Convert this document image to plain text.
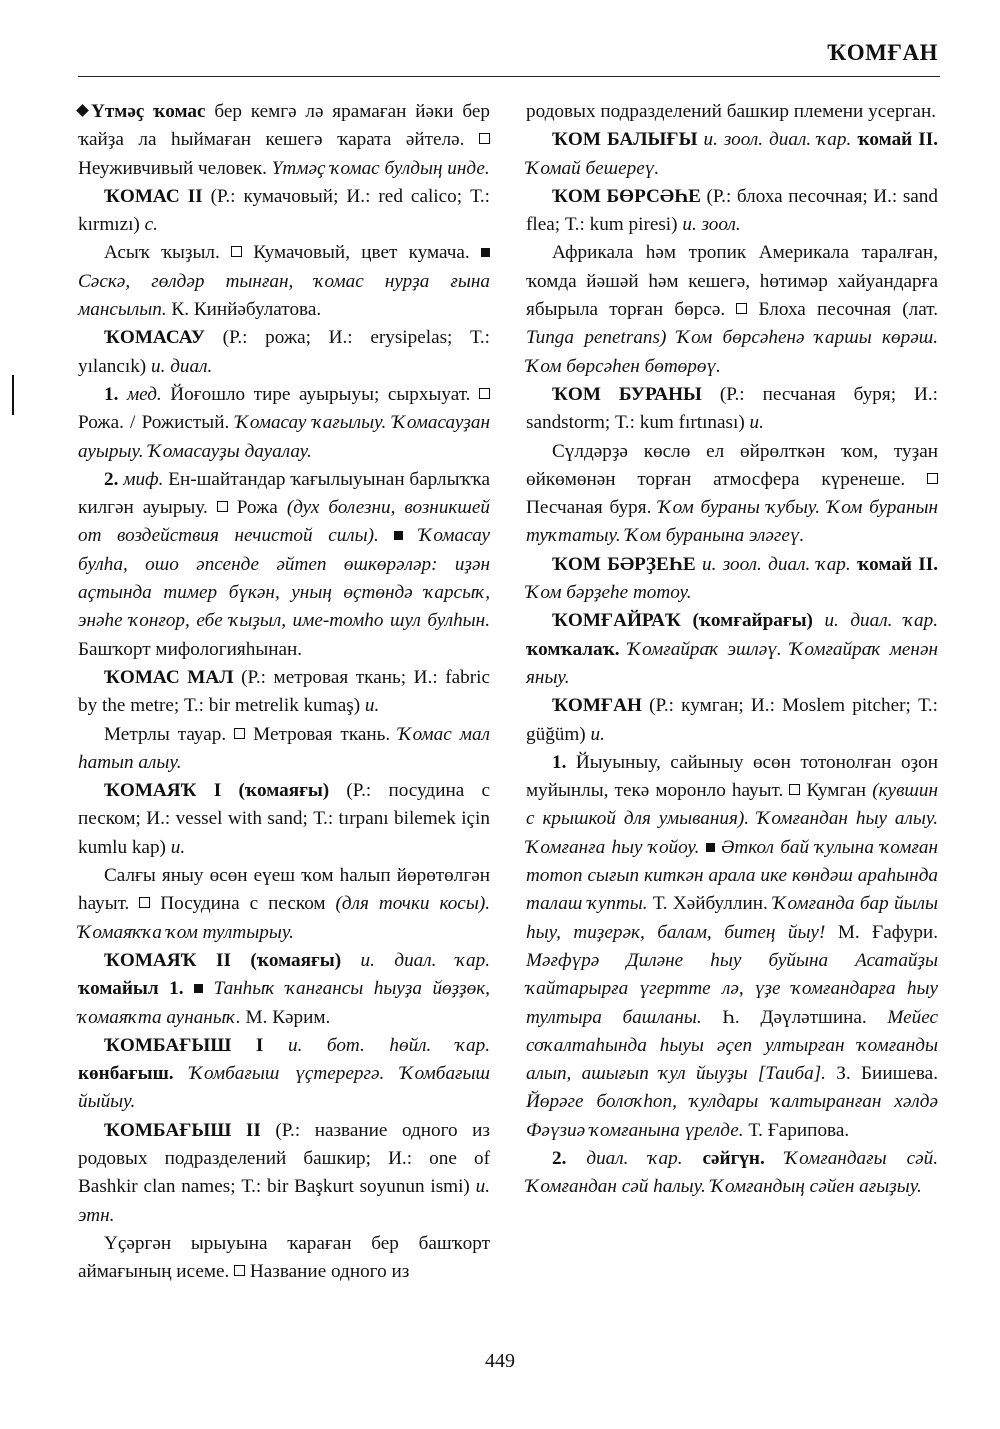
ҠОМҒАН

Үтмәҫ ҡомас бер кемгә лә ярамаған йәки бер ҡайҙа ла һыймаған кешегә ҡарата әйтелә.  Неуживчивый человек. Үтмәҫ ҡомас булдың инде.

ҠОМАС II (Р.: кумачовый; И.: red calico; Т.: kırmızı) с.

Асыҡ ҡыҙыл.  Кумачовый, цвет кумача.  Сәскә, гөлдәр тынған, ҡомас нурҙа ғына мансылып. К. Кинйәбулатова.

ҠОМАСАУ (Р.: рожа; И.: erysipelas; Т.: yılancık) и. диал.

1. мед. Йоғошло тире ауырыуы; сырхыуат.  Рожа. / Рожистый. Ҡомасау ҡағылыу. Ҡомасауҙан ауырыу. Ҡомасауҙы дауалау.

2. миф. Ен-шайтандар ҡағылыуынан барлыҡҡа килгән ауырыу.  Рожа (дух болезни, возникшей от воздействия нечистой силы). Ҡомасау булһа, ошо әпсенде әйтеп өшкөрәләр: иҙән аҫтында тимер бүкән, уның өҫтөндә ҡарсыҡ, энәһе ҡонғор, ебе ҡыҙыл, име-томһо шул булһын. Башҡорт мифологияһынан.

ҠОМАС МАЛ (Р.: метровая ткань; И.: fabric by the metre; Т.: bir metrelik kumaş) и.

Метрлы тауар.  Метровая ткань. Ҡомас мал һатып алыу.

ҠОМАЯҠ I (ҡомаяғы) (Р.: посудина с песком; И.: vessel with sand; Т.: tırpanı bilemek için kumlu kap) и.

Салғы яныу өсөн еүеш ҡом һалып йөрөтөлгән һауыт.  Посудина с песком (для точки косы). Ҡомаяҡҡа ҡом тултырыу.

ҠОМАЯҠ II (ҡомаяғы) и. диал. ҡар. ҡомайыл 1. Танһыҡ ҡанғансы һыуҙа йөҙҙөк, ҡомаяҡта аунаныҡ. М. Кәрим.

ҠОМБАҒЫШ I и. бот. һөйл. ҡар. көнбағыш. Ҡомбағыш үҫтерергә. Ҡомбағыш йыйыу.

ҠОМБАҒЫШ II (Р.: название одного из родовых подразделений башкир; И.: one of Bashkir clan names; Т.: bir Başkurt soyunun ismi) и. этн.

Үҫәргән ырыуына ҡараған бер башҡорт аймағының исеме.  Название одного из

родовых подразделений башкир племени усерган.

ҠОМ БАЛЫҒЫ и. зоол. диал. ҡар. ҡомай II. Ҡомай бешереү.

ҠОМ БӨРСӘҺЕ (Р.: блоха песочная; И.: sand flea; Т.: kum piresi) и. зоол.

Африкала һәм тропик Америкала таралған, ҡомда йәшәй һәм кешегә, һөтимәр хайуандарға ябырыла торған бөрсә.  Блоха песочная (лат. Tunga penetrans) Ҡом бөрсәһенә ҡаршы көрәш. Ҡом бөрсәһен бөтөрөү.

ҠОМ БУРАНЫ (Р.: песчаная буря; И.: sandstorm; Т.: kum fırtınası) и.

Сүлдәрҙә көслө ел өйрөлткән ҡом, туҙан өйкөмөнән торған атмосфера күренеше.  Песчаная буря. Ҡом бураны ҡубыу. Ҡом буранын туҡтатыу. Ҡом буранына эләгеү.

ҠОМ БӘРҘЕҺЕ и. зоол. диал. ҡар. ҡомай II. Ҡом бәрҙеһе тотоу.

ҠОМҒАЙРАҠ (ҡомғайрағы) и. диал. ҡар. ҡомҡалаҡ. Ҡомғайраҡ эшләү. Ҡомғайраҡ менән яныу.

ҠОМҒАН (Р.: кумган; И.: Moslem pitcher; Т.: güğüm) и.

1. Йыуыныу, сайыныу өсөн тотонолған оҙон муйынлы, текә моронло һауыт.  Кумган (кувшин с крышкой для умывания). Ҡомғандан һыу алыу. Ҡомғанға һыу ҡойоу. Әткол бай ҡулына ҡомған тотоп сығып киткән арала ике көндәш араһында талаш ҡупты. Т. Хәйбуллин. Ҡомғанда бар йылы һыу, тиҙерәк, балам, битең йыу! М. Ғафури. Мәғфүрә Диләне һыу буйына Асатайҙы ҡайтарырға үгертте лә, үҙе ҡомғандарға һыу тултыра башланы. Һ. Дәүләтшина. Мейес соҡалтаһында һыуы әҫеп ултырған ҡомғанды алып, ашығып ҡул йыуҙы [Таиба]. З. Биишева. Йөрәге болоҡһоп, ҡулдары ҡалтыранған хәлдә Фәүзиә ҡомғанына үрелде. Т. Ғарипова.

2. диал. ҡар. сәйгүн. Ҡомғандағы сәй. Ҡомғандан сәй һалыу. Ҡомғандың сәйен ағыҙыу.

449
